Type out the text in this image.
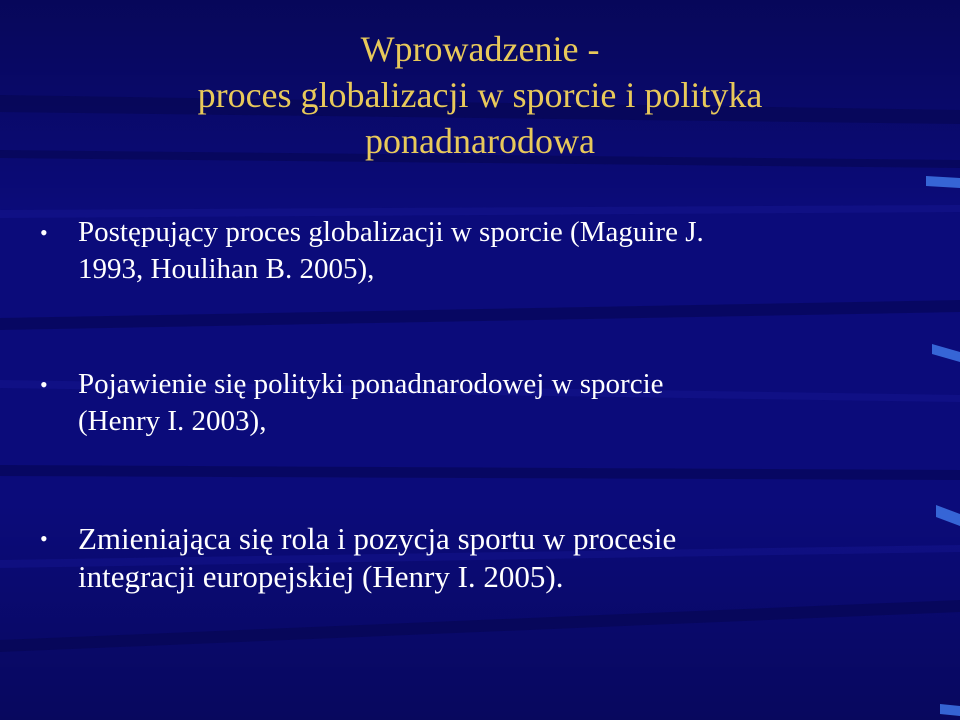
Wprowadzenie -
proces globalizacji w sporcie i polityka
ponadnarodowa
• Postępujący proces globalizacji w sporcie (Maguire J.
1993, Houlihan B. 2005),
• Pojawienie się polityki ponadnarodowej w sporcie
(Henry I. 2003),
• Zmieniająca się rola i pozycja sportu w procesie
integracji europejskiej (Henry I. 2005).
